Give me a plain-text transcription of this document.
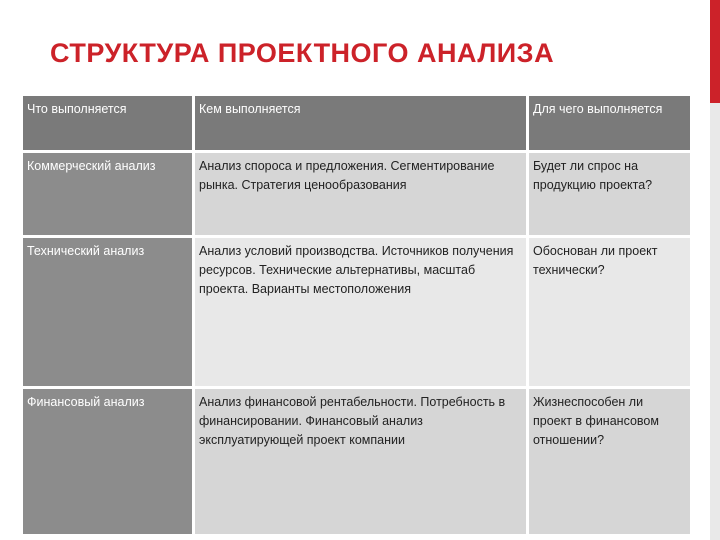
СТРУКТУРА ПРОЕКТНОГО АНАЛИЗА
Что выполняется	Кем выполняется	Для чего выполняется
Коммерческий анализ	Анализ спороса и предложения. Сегментирование рынка. Стратегия ценообразования	Будет ли спрос на продукцию проекта?
Технический анализ	Анализ условий производства. Источников получения ресурсов. Технические альтернативы, масштаб проекта. Варианты местоположения	Обоснован ли проект технически?
Финансовый анализ	Анализ финансовой рентабельности. Потребность в финансировании. Финансовый анализ эксплуатирующей проект компании	Жизнеспособен ли проект в финансовом отношении?
